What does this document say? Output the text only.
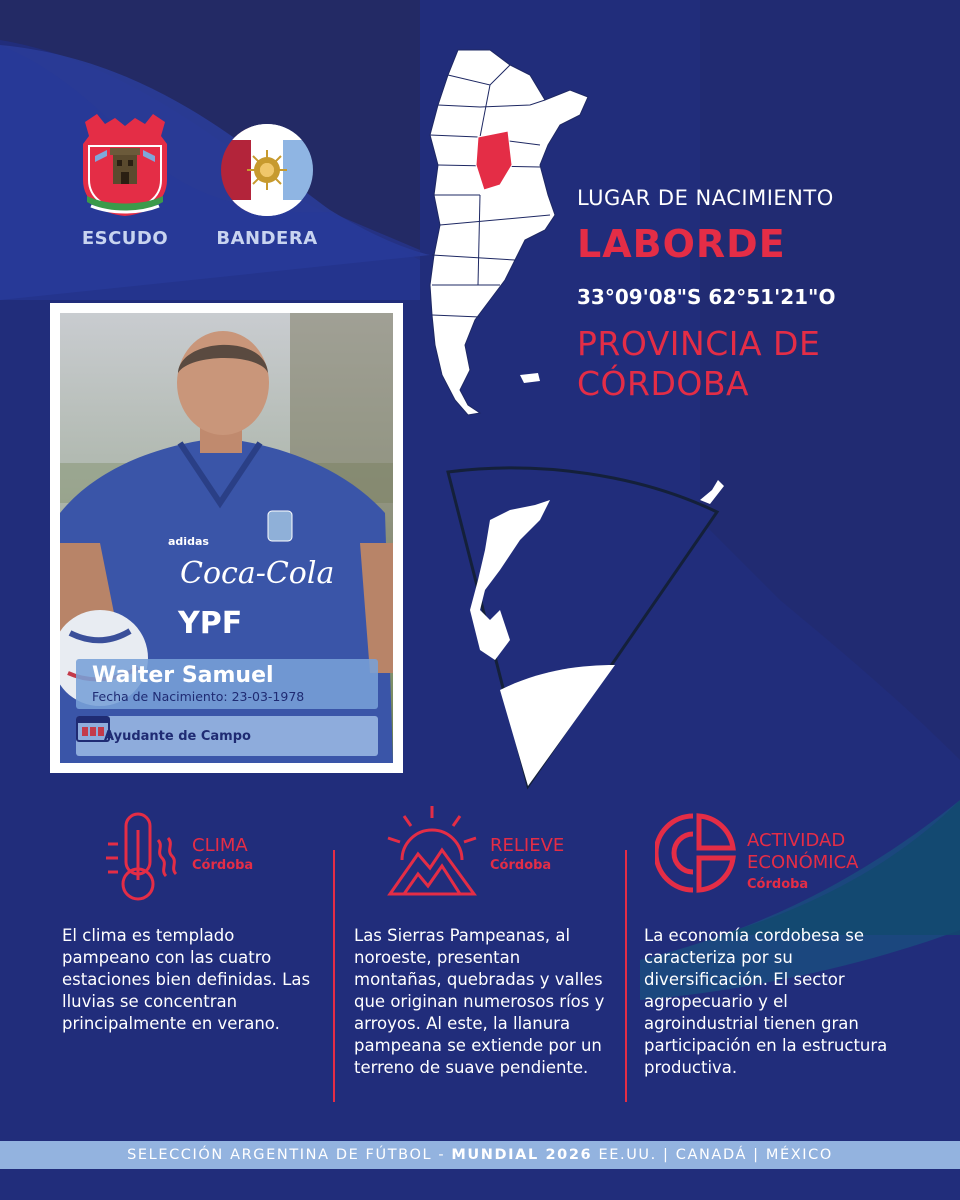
ESCUDO	BANDERA
Coca-Cola
YPF
adidas
Walter Samuel
Fecha de Nacimiento: 23-03-1978
Ayudante de Campo
LUGAR DE NACIMIENTO
LABORDE
33°09'08"S 62°51'21"O
PROVINCIA DE
CÓRDOBA
CLIMA
Córdoba
El clima es templado pampeano con las cuatro estaciones bien definidas. Las lluvias se concentran principalmente en verano.
RELIEVE
Córdoba
Las Sierras Pampeanas, al noroeste, presentan montañas, quebradas y valles que originan numerosos ríos y arroyos. Al este, la llanura pampeana se extiende por un terreno de suave pendiente.
ACTIVIDAD
ECONÓMICA
Córdoba
La economía cordobesa se caracteriza por su diversificación. El sector agropecuario y el agroindustrial tienen gran participación en la estructura productiva.
SELECCIÓN ARGENTINA DE FÚTBOL - MUNDIAL 2026 EE.UU. | CANADÁ | MÉXICO
